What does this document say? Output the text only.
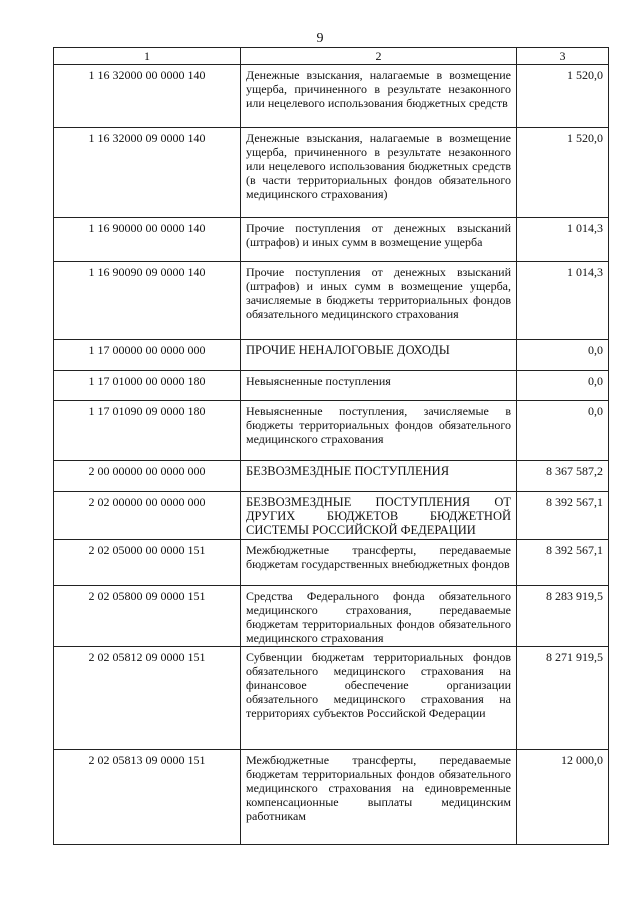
9
1	2	3
1 16 32000 00 0000 140	Денежные взыскания, налагаемые в возмещение ущерба, причиненного в результате незаконного или нецелевого использования бюджетных средств	1 520,0
1 16 32000 09 0000 140	Денежные взыскания, налагаемые в возмещение ущерба, причиненного в результате незаконного или нецелевого использования бюджетных средств (в части территориальных фондов обязательного медицинского страхования)	1 520,0
1 16 90000 00 0000 140	Прочие поступления от денежных взысканий (штрафов) и иных сумм в возмещение ущерба	1 014,3
1 16 90090 09 0000 140	Прочие поступления от денежных взысканий (штрафов) и иных сумм в возмещение ущерба, зачисляемые в бюджеты территориальных фондов обязательного медицинского страхования	1 014,3
1 17 00000 00 0000 000	ПРОЧИЕ НЕНАЛОГОВЫЕ ДОХОДЫ	0,0
1 17 01000 00 0000 180	Невыясненные поступления	0,0
1 17 01090 09 0000 180	Невыясненные поступления, зачисляемые в бюджеты территориальных фондов обязательного медицинского страхования	0,0
2 00 00000 00 0000 000	БЕЗВОЗМЕЗДНЫЕ ПОСТУПЛЕНИЯ	8 367 587,2
2 02 00000 00 0000 000	БЕЗВОЗМЕЗДНЫЕ ПОСТУПЛЕНИЯ ОТ ДРУГИХ БЮДЖЕТОВ БЮДЖЕТНОЙ СИСТЕМЫ РОССИЙСКОЙ ФЕДЕРАЦИИ	8 392 567,1
2 02 05000 00 0000 151	Межбюджетные трансферты, передаваемые бюджетам государственных внебюджетных фондов	8 392 567,1
2 02 05800 09 0000 151	Средства Федерального фонда обязательного медицинского страхования, передаваемые бюджетам территориальных фондов обязательного медицинского страхования	8 283 919,5
2 02 05812 09 0000 151	Субвенции бюджетам территориальных фондов обязательного медицинского страхования на финансовое обеспечение организации обязательного медицинского страхования на территориях субъектов Российской Федерации	8 271 919,5
2 02 05813 09 0000 151	Межбюджетные трансферты, передаваемые бюджетам территориальных фондов обязательного медицинского страхования на единовременные компенсационные выплаты медицинским работникам	12 000,0
